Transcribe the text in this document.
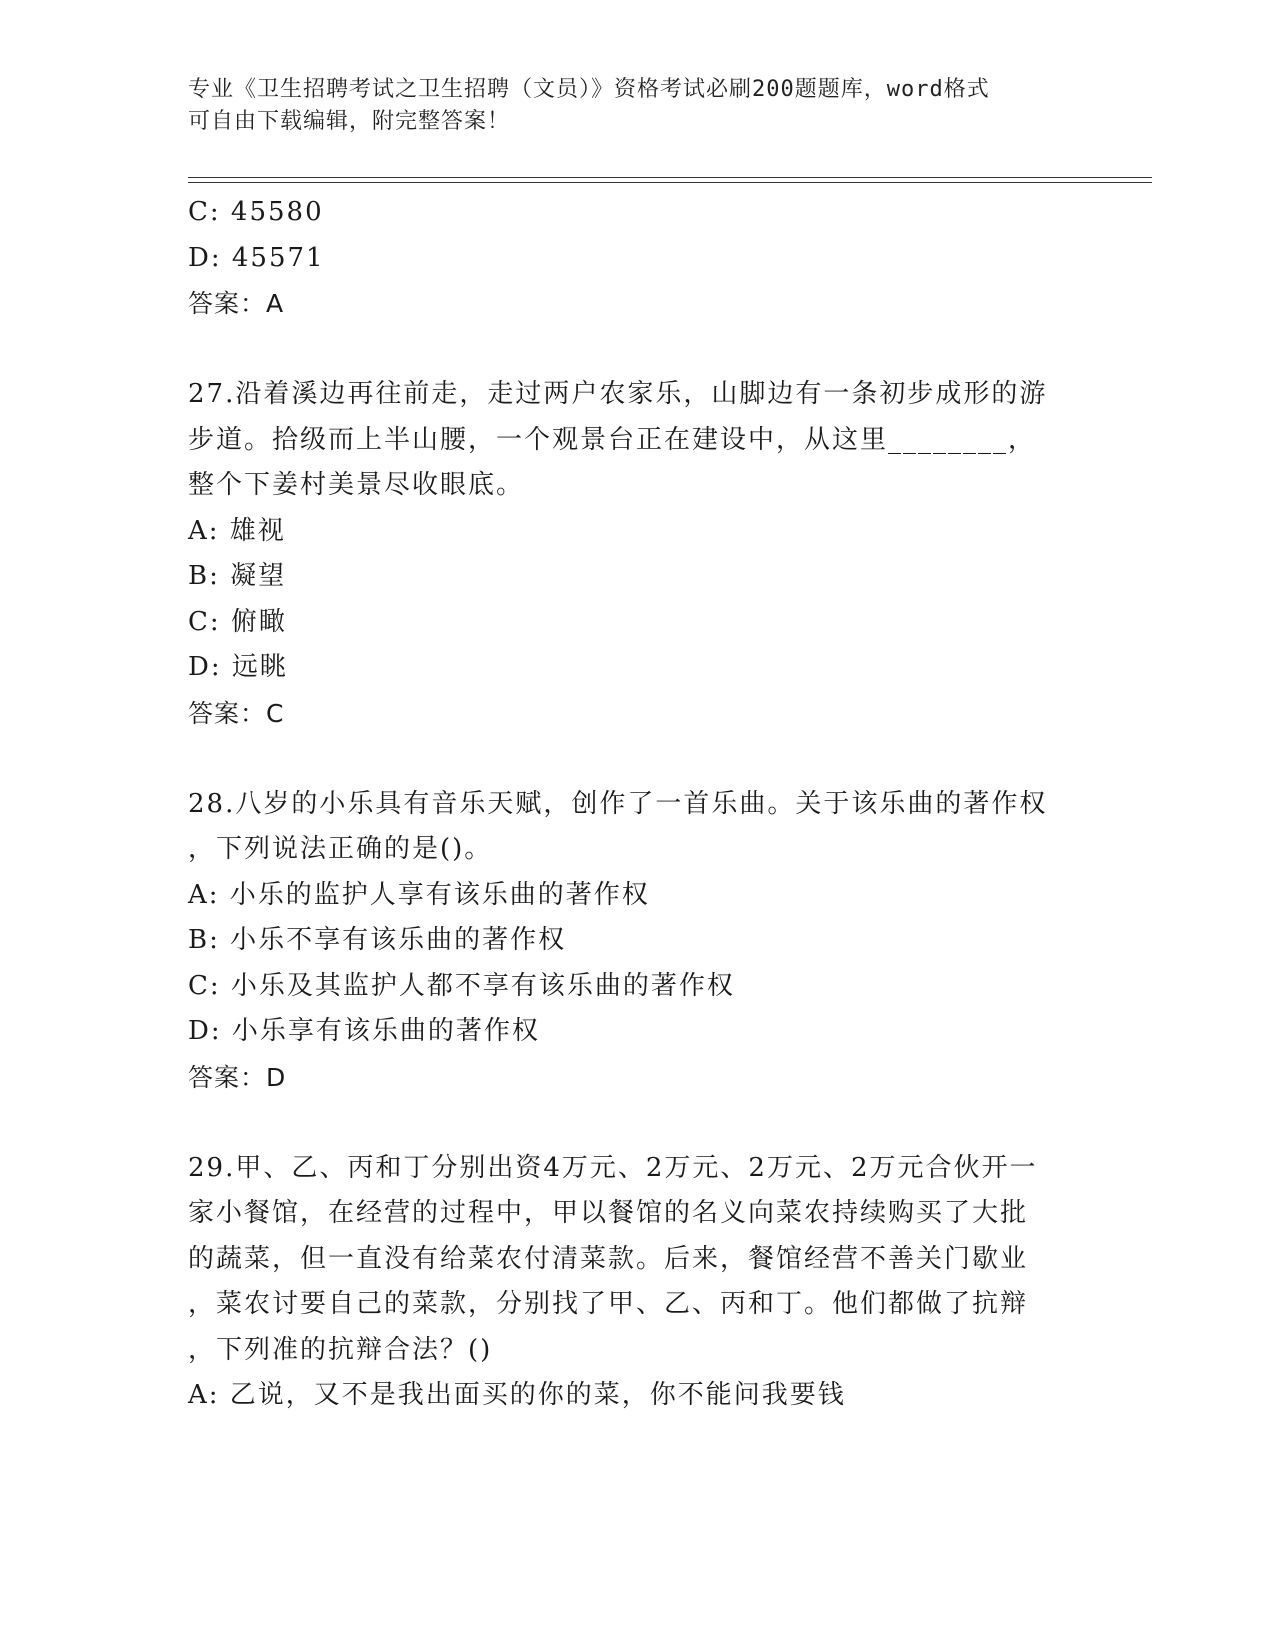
专业《卫生招聘考试之卫生招聘（文员）》资格考试必刷200题题库，word格式
可自由下载编辑，附完整答案！
C: 45580
D: 45571
答案：A
27.沿着溪边再往前走，走过两户农家乐，山脚边有一条初步成形的游
步道。拾级而上半山腰，一个观景台正在建设中，从这里________，
整个下姜村美景尽收眼底。
A: 雄视
B: 凝望
C: 俯瞰
D: 远眺
答案：C
28.八岁的小乐具有音乐天赋，创作了一首乐曲。关于该乐曲的著作权
，下列说法正确的是()。
A: 小乐的监护人享有该乐曲的著作权
B: 小乐不享有该乐曲的著作权
C: 小乐及其监护人都不享有该乐曲的著作权
D: 小乐享有该乐曲的著作权
答案：D
29.甲、乙、丙和丁分别出资4万元、2万元、2万元、2万元合伙开一
家小餐馆，在经营的过程中，甲以餐馆的名义向菜农持续购买了大批
的蔬菜，但一直没有给菜农付清菜款。后来，餐馆经营不善关门歇业
，菜农讨要自己的菜款，分别找了甲、乙、丙和丁。他们都做了抗辩
，下列准的抗辩合法？()
A: 乙说，又不是我出面买的你的菜，你不能问我要钱
